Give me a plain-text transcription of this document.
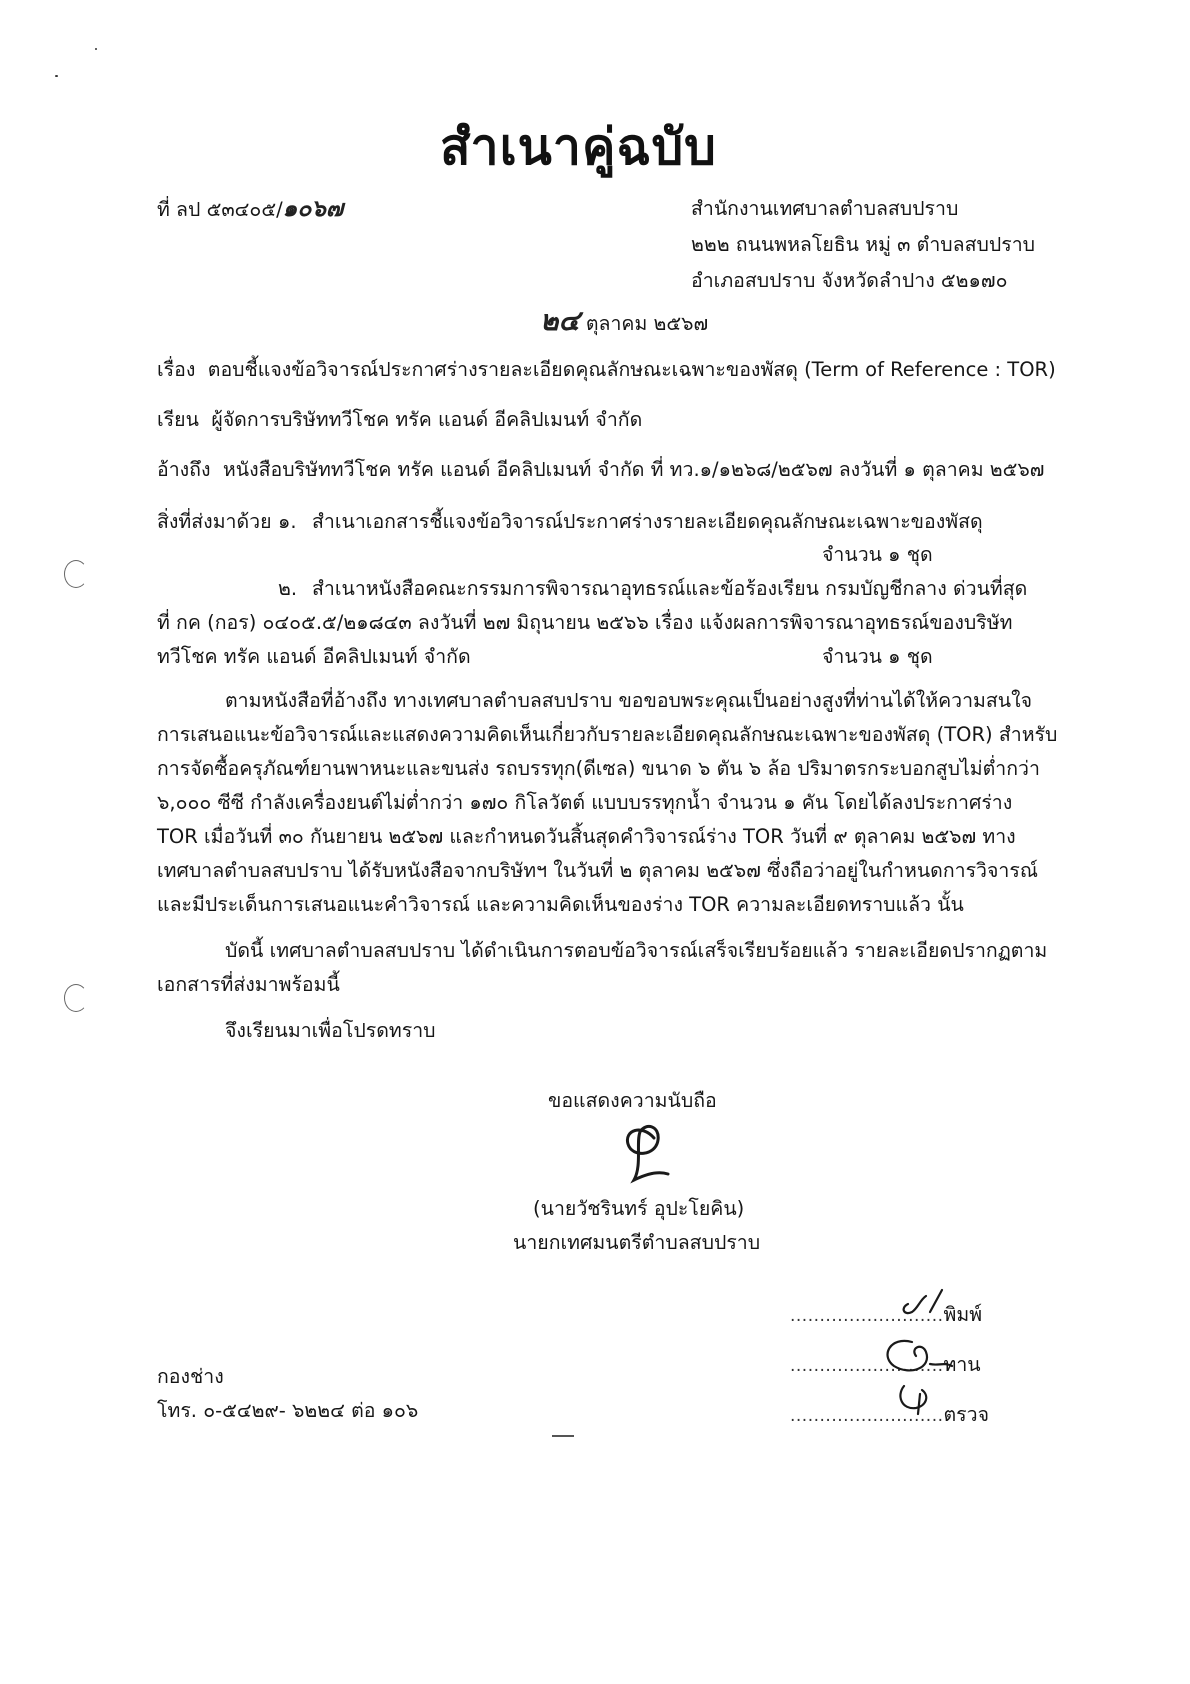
สำเนาคู่ฉบับ
ที่ ลป ๕๓๔๐๕/๑๐๖๗	สำนักงานเทศบาลตำบลสบปราบ
๒๒๒ ถนนพหลโยธิน หมู่ ๓ ตำบลสบปราบ
อำเภอสบปราบ จังหวัดลำปาง ๕๒๑๗๐
๒๔ ตุลาคม ๒๕๖๗
เรื่อง ตอบชี้แจงข้อวิจารณ์ประกาศร่างรายละเอียดคุณลักษณะเฉพาะของพัสดุ (Term of Reference : TOR)
เรียน ผู้จัดการบริษัททวีโชค ทรัค แอนด์ อีคลิปเมนท์ จำกัด
อ้างถึง หนังสือบริษัททวีโชค ทรัค แอนด์ อีคลิปเมนท์ จำกัด ที่ ทว.๑/๑๒๖๘/๒๕๖๗ ลงวันที่ ๑ ตุลาคม ๒๕๖๗
สิ่งที่ส่งมาด้วย ๑. สำเนาเอกสารชี้แจงข้อวิจารณ์ประกาศร่างรายละเอียดคุณลักษณะเฉพาะของพัสดุ
จำนวน ๑ ชุด
๒. สำเนาหนังสือคณะกรรมการพิจารณาอุทธรณ์และข้อร้องเรียน กรมบัญชีกลาง ด่วนที่สุด
ที่ กค (กอร) ๐๔๐๕.๕/๒๑๘๔๓ ลงวันที่ ๒๗ มิถุนายน ๒๕๖๖ เรื่อง แจ้งผลการพิจารณาอุทธรณ์ของบริษัท
ทวีโชค ทรัค แอนด์ อีคลิปเมนท์ จำกัด	จำนวน ๑ ชุด
ตามหนังสือที่อ้างถึง ทางเทศบาลตำบลสบปราบ ขอขอบพระคุณเป็นอย่างสูงที่ท่านได้ให้ความสนใจ
การเสนอแนะข้อวิจารณ์และแสดงความคิดเห็นเกี่ยวกับรายละเอียดคุณลักษณะเฉพาะของพัสดุ (TOR) สำหรับ
การจัดซื้อครุภัณฑ์ยานพาหนะและขนส่ง รถบรรทุก(ดีเซล) ขนาด ๖ ตัน ๖ ล้อ ปริมาตรกระบอกสูบไม่ต่ำกว่า
๖,๐๐๐ ซีซี กำลังเครื่องยนต์ไม่ต่ำกว่า ๑๗๐ กิโลวัตต์ แบบบรรทุกน้ำ จำนวน ๑ คัน โดยได้ลงประกาศร่าง
TOR เมื่อวันที่ ๓๐ กันยายน ๒๕๖๗ และกำหนดวันสิ้นสุดคำวิจารณ์ร่าง TOR วันที่ ๙ ตุลาคม ๒๕๖๗ ทาง
เทศบาลตำบลสบปราบ ได้รับหนังสือจากบริษัทฯ ในวันที่ ๒ ตุลาคม ๒๕๖๗ ซึ่งถือว่าอยู่ในกำหนดการวิจารณ์
และมีประเด็นการเสนอแนะคำวิจารณ์ และความคิดเห็นของร่าง TOR ความละเอียดทราบแล้ว นั้น
บัดนี้ เทศบาลตำบลสบปราบ ได้ดำเนินการตอบข้อวิจารณ์เสร็จเรียบร้อยแล้ว รายละเอียดปรากฏตาม
เอกสารที่ส่งมาพร้อมนี้
จึงเรียนมาเพื่อโปรดทราบ
ขอแสดงความนับถือ
(นายวัชรินทร์ อุปะโยคิน)
นายกเทศมนตรีตำบลสบปราบ
กองช่าง
โทร. ๐-๕๔๒๙- ๖๒๒๔ ต่อ ๑๐๖
..........................พิมพ์
..........................ทาน
..........................ตรวจ
